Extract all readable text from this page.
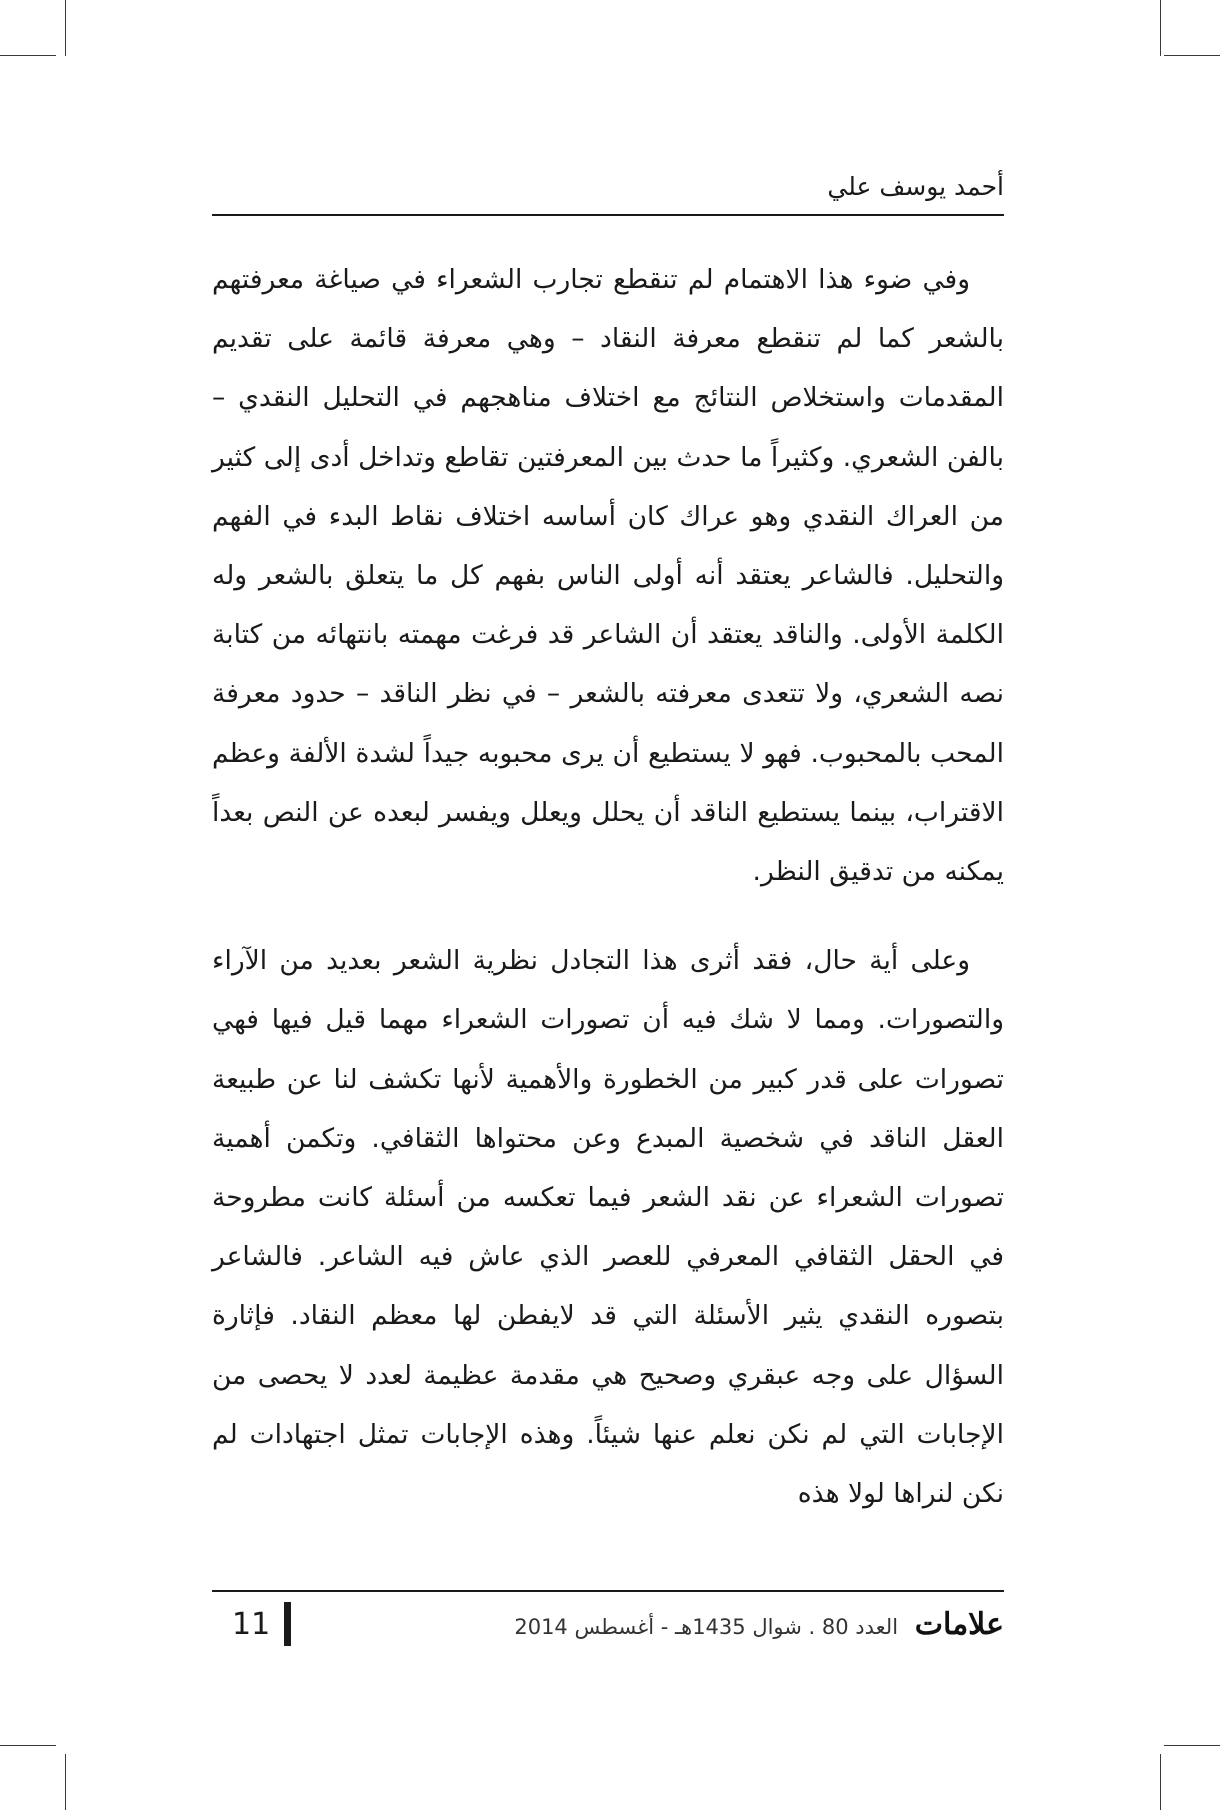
أحمد يوسف علي

وفي ضوء هذا الاهتمام لم تنقطع تجارب الشعراء في صياغة معرفتهم بالشعر كما لم تنقطع معرفة النقاد – وهي معرفة قائمة على تقديم المقدمات واستخلاص النتائج مع اختلاف مناهجهم في التحليل النقدي – بالفن الشعري. وكثيراً ما حدث بين المعرفتين تقاطع وتداخل أدى إلى كثير من العراك النقدي وهو عراك كان أساسه اختلاف نقاط البدء في الفهم والتحليل. فالشاعر يعتقد أنه أولى الناس بفهم كل ما يتعلق بالشعر وله الكلمة الأولى. والناقد يعتقد أن الشاعر قد فرغت مهمته بانتهائه من كتابة نصه الشعري، ولا تتعدى معرفته بالشعر – في نظر الناقد – حدود معرفة المحب بالمحبوب. فهو لا يستطيع أن يرى محبوبه جيداً لشدة الألفة وعظم الاقتراب، بينما يستطيع الناقد أن يحلل ويعلل ويفسر لبعده عن النص بعداً يمكنه من تدقيق النظر.

وعلى أية حال، فقد أثرى هذا التجادل نظرية الشعر بعديد من الآراء والتصورات. ومما لا شك فيه أن تصورات الشعراء مهما قيل فيها فهي تصورات على قدر كبير من الخطورة والأهمية لأنها تكشف لنا عن طبيعة العقل الناقد في شخصية المبدع وعن محتواها الثقافي. وتكمن أهمية تصورات الشعراء عن نقد الشعر فيما تعكسه من أسئلة كانت مطروحة في الحقل الثقافي المعرفي للعصر الذي عاش فيه الشاعر. فالشاعر بتصوره النقدي يثير الأسئلة التي قد لايفطن لها معظم النقاد. فإثارة السؤال على وجه عبقري وصحيح هي مقدمة عظيمة لعدد لا يحصى من الإجابات التي لم نكن نعلم عنها شيئاً. وهذه الإجابات تمثل اجتهادات لم نكن لنراها لولا هذه

11	علامات العدد 80 . شوال 1435هـ - أغسطس 2014
